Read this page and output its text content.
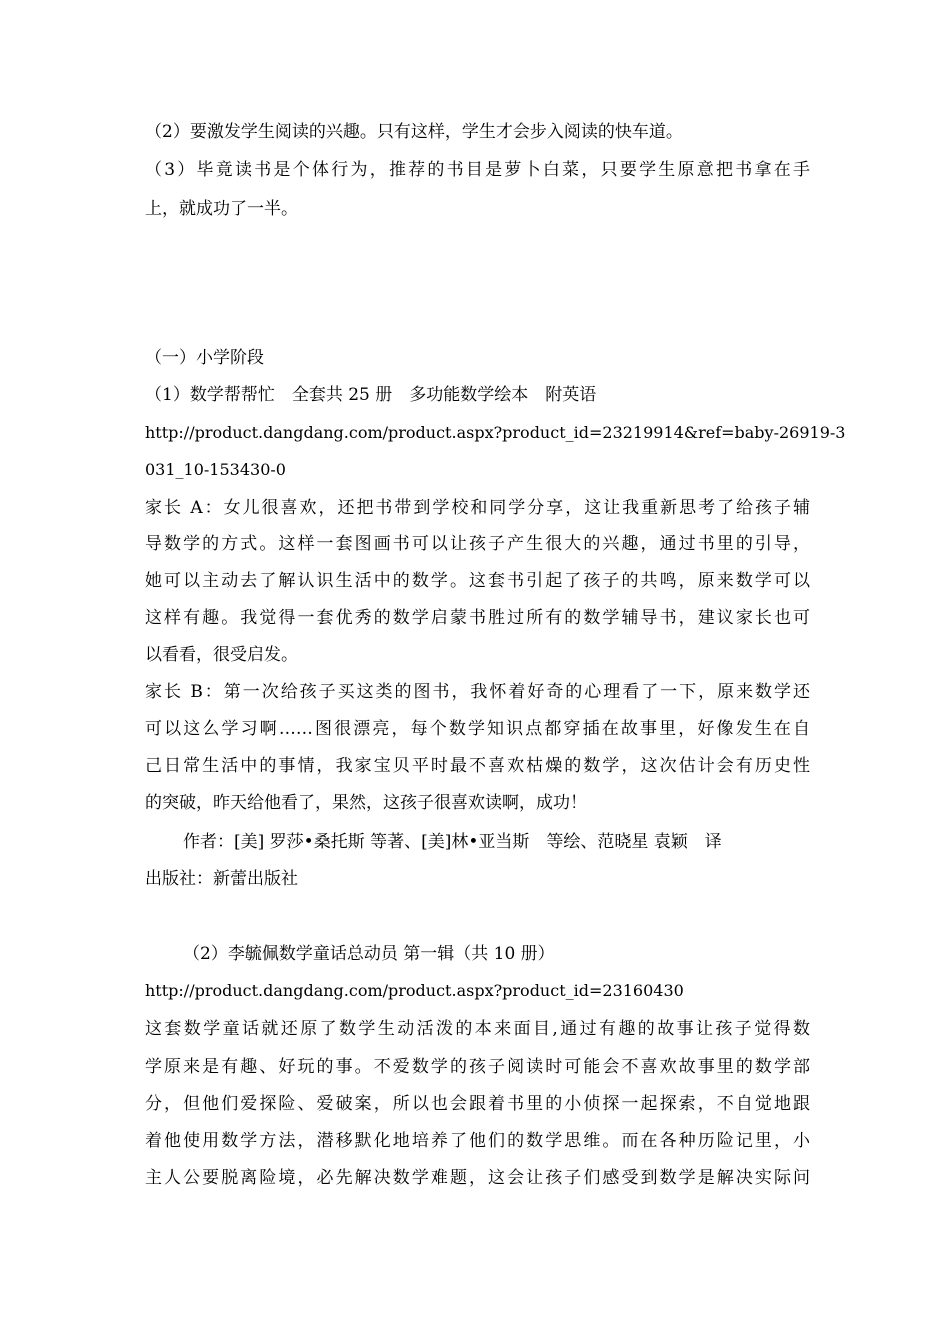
（2）要激发学生阅读的兴趣。只有这样，学生才会步入阅读的快车道。
（3）毕竟读书是个体行为，推荐的书目是萝卜白菜，只要学生原意把书拿在手
上，就成功了一半。
（一）小学阶段
（1）数学帮帮忙　全套共 25 册　多功能数学绘本　附英语
http://product.dangdang.com/product.aspx?product_id=23219914&ref=baby-26919-3
031_10-153430-0
家长 A：女儿很喜欢，还把书带到学校和同学分享，这让我重新思考了给孩子辅
导数学的方式。这样一套图画书可以让孩子产生很大的兴趣，通过书里的引导，
她可以主动去了解认识生活中的数学。这套书引起了孩子的共鸣，原来数学可以
这样有趣。我觉得一套优秀的数学启蒙书胜过所有的数学辅导书，建议家长也可
以看看，很受启发。
家长 B：第一次给孩子买这类的图书，我怀着好奇的心理看了一下，原来数学还
可以这么学习啊……图很漂亮，每个数学知识点都穿插在故事里，好像发生在自
己日常生活中的事情，我家宝贝平时最不喜欢枯燥的数学，这次估计会有历史性
的突破，昨天给他看了，果然，这孩子很喜欢读啊，成功！
作者：[美] 罗莎•桑托斯 等著、[美]林•亚当斯　等绘、范晓星 袁颖　译
出版社：新蕾出版社
（2）李毓佩数学童话总动员 第一辑（共 10 册）
http://product.dangdang.com/product.aspx?product_id=23160430
这套数学童话就还原了数学生动活泼的本来面目,通过有趣的故事让孩子觉得数
学原来是有趣、好玩的事。不爱数学的孩子阅读时可能会不喜欢故事里的数学部
分，但他们爱探险、爱破案，所以也会跟着书里的小侦探一起探索，不自觉地跟
着他使用数学方法，潜移默化地培养了他们的数学思维。而在各种历险记里，小
主人公要脱离险境，必先解决数学难题，这会让孩子们感受到数学是解决实际问
